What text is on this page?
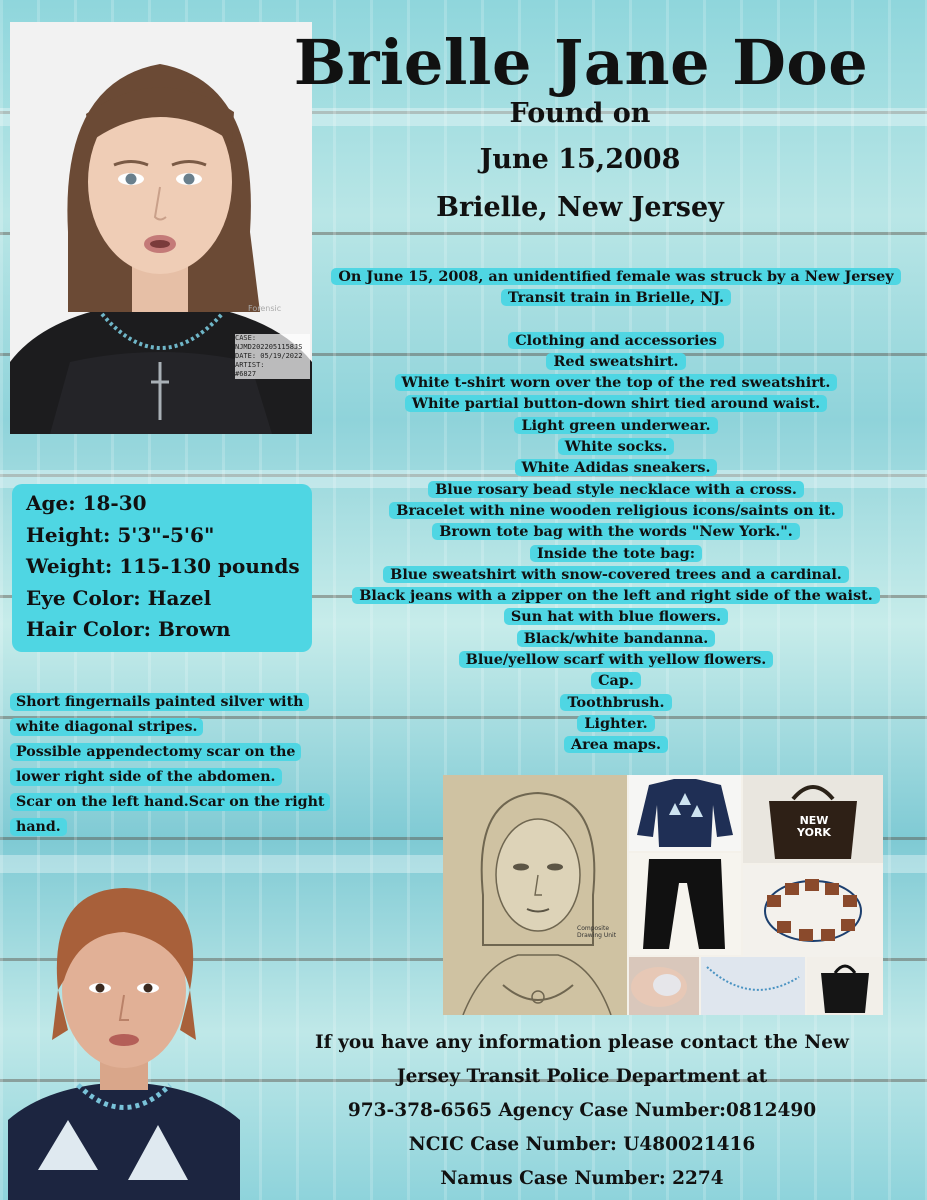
CASE: NJMD2022051158JS
DATE: 05/19/2022
ARTIST:
#6827
Forensic
Brielle Jane Doe
Found on
June 15,2008
Brielle, New Jersey
On June 15, 2008, an unidentified female was struck by a New Jersey
Transit train in Brielle, NJ.
Clothing and accessories
Red sweatshirt.
White t-shirt worn over the top of the red sweatshirt.
White partial button-down shirt tied around waist.
Light green underwear.
White socks.
White Adidas sneakers.
Blue rosary bead style necklace with a cross.
Bracelet with nine wooden religious icons/saints on it.
Brown tote bag with the words "New York.".
Inside the tote bag:
Blue sweatshirt with snow-covered trees and a cardinal.
Black jeans with a zipper on the left and right side of the waist.
Sun hat with blue flowers.
Black/white bandanna.
Blue/yellow scarf with yellow flowers.
Cap.
Toothbrush.
Lighter.
Area maps.
Age: 18-30
Height: 5'3"-5'6"
Weight: 115-130 pounds
Eye Color: Hazel
Hair Color: Brown
Short fingernails painted silver with
white diagonal stripes.
Possible appendectomy scar on the
lower right side of the abdomen.
Scar on the left hand.Scar on the right
hand.
Composite Drawing Unit
NEW
YORK
If you have any information please contact the New
Jersey Transit Police Department at
973-378-6565 Agency Case Number:0812490
NCIC Case Number: U480021416
Namus Case Number: 2274
